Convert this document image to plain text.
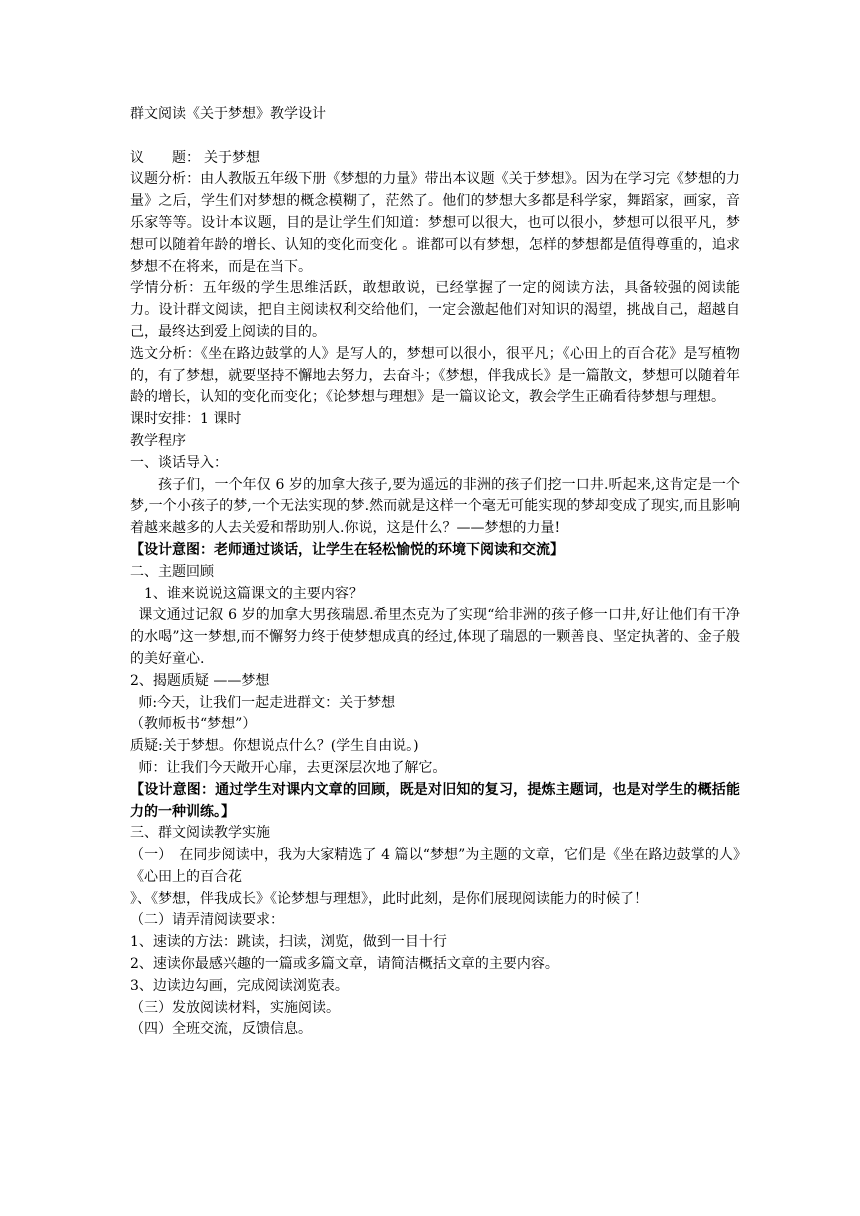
群文阅读《关于梦想》教学设计
议　　题： 关于梦想
议题分析：由人教版五年级下册《梦想的力量》带出本议题《关于梦想》。因为在学习完《梦想的力量》之后，学生们对梦想的概念模糊了，茫然了。他们的梦想大多都是科学家，舞蹈家，画家，音乐家等等。设计本议题，目的是让学生们知道：梦想可以很大，也可以很小，梦想可以很平凡，梦想可以随着年龄的增长、认知的变化而变化 。谁都可以有梦想，怎样的梦想都是值得尊重的，追求梦想不在将来，而是在当下。
学情分析：五年级的学生思维活跃，敢想敢说，已经掌握了一定的阅读方法，具备较强的阅读能力。设计群文阅读，把自主阅读权利交给他们，一定会激起他们对知识的渴望，挑战自己，超越自己，最终达到爱上阅读的目的。
选文分析：《坐在路边鼓掌的人》是写人的，梦想可以很小，很平凡；《心田上的百合花》是写植物的，有了梦想，就要坚持不懈地去努力，去奋斗；《梦想，伴我成长》是一篇散文，梦想可以随着年龄的增长，认知的变化而变化；《论梦想与理想》是一篇议论文，教会学生正确看待梦想与理想。
课时安排：1 课时
教学程序
一、谈话导入：
孩子们，一个年仅 6 岁的加拿大孩子,要为遥远的非洲的孩子们挖一口井.听起来,这肯定是一个梦,一个小孩子的梦,一个无法实现的梦.然而就是这样一个毫无可能实现的梦却变成了现实,而且影响着越来越多的人去关爱和帮助别人.你说，这是什么？——梦想的力量!
【设计意图：老师通过谈话，让学生在轻松愉悦的环境下阅读和交流】
二、主题回顾
1、谁来说说这篇课文的主要内容？
课文通过记叙 6 岁的加拿大男孩瑞恩.希里杰克为了实现“给非洲的孩子修一口井,好让他们有干净的水喝”这一梦想,而不懈努力终于使梦想成真的经过,体现了瑞恩的一颗善良、坚定执著的、金子般的美好童心.
2、揭题质疑 ——梦想
师:今天，让我们一起走进群文：关于梦想
（教师板书“梦想”）
质疑:关于梦想。你想说点什么？(学生自由说。)
师：让我们今天敞开心扉，去更深层次地了解它。
【设计意图：通过学生对课内文章的回顾，既是对旧知的复习，提炼主题词，也是对学生的概括能力的一种训练。】
三、群文阅读教学实施
（一）　在同步阅读中，我为大家精选了 4 篇以“梦想”为主题的文章，它们是《坐在路边鼓掌的人》《心田上的百合花
》、《梦想，伴我成长》《论梦想与理想》，此时此刻，是你们展现阅读能力的时候了！
（二）请弄清阅读要求：
1、速读的方法：跳读，扫读，浏览，做到一目十行
2、速读你最感兴趣的一篇或多篇文章，请简洁概括文章的主要内容。
3、边读边勾画，完成阅读浏览表。
（三）发放阅读材料，实施阅读。
（四）全班交流，反馈信息。
